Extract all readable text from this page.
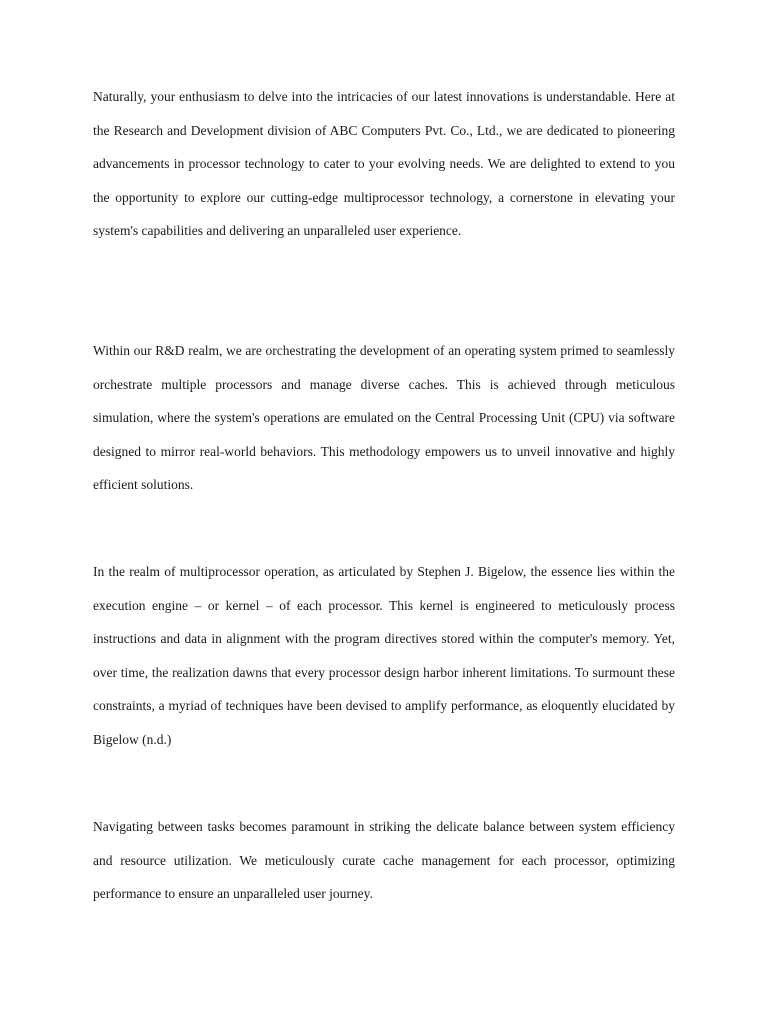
Naturally, your enthusiasm to delve into the intricacies of our latest innovations is understandable. Here at the Research and Development division of ABC Computers Pvt. Co., Ltd., we are dedicated to pioneering advancements in processor technology to cater to your evolving needs. We are delighted to extend to you the opportunity to explore our cutting-edge multiprocessor technology, a cornerstone in elevating your system's capabilities and delivering an unparalleled user experience.

Within our R&D realm, we are orchestrating the development of an operating system primed to seamlessly orchestrate multiple processors and manage diverse caches. This is achieved through meticulous simulation, where the system's operations are emulated on the Central Processing Unit (CPU) via software designed to mirror real-world behaviors. This methodology empowers us to unveil innovative and highly efficient solutions.

In the realm of multiprocessor operation, as articulated by Stephen J. Bigelow, the essence lies within the execution engine – or kernel – of each processor. This kernel is engineered to meticulously process instructions and data in alignment with the program directives stored within the computer's memory. Yet, over time, the realization dawns that every processor design harbor inherent limitations. To surmount these constraints, a myriad of techniques have been devised to amplify performance, as eloquently elucidated by Bigelow (n.d.)

Navigating between tasks becomes paramount in striking the delicate balance between system efficiency and resource utilization. We meticulously curate cache management for each processor, optimizing performance to ensure an unparalleled user journey.
